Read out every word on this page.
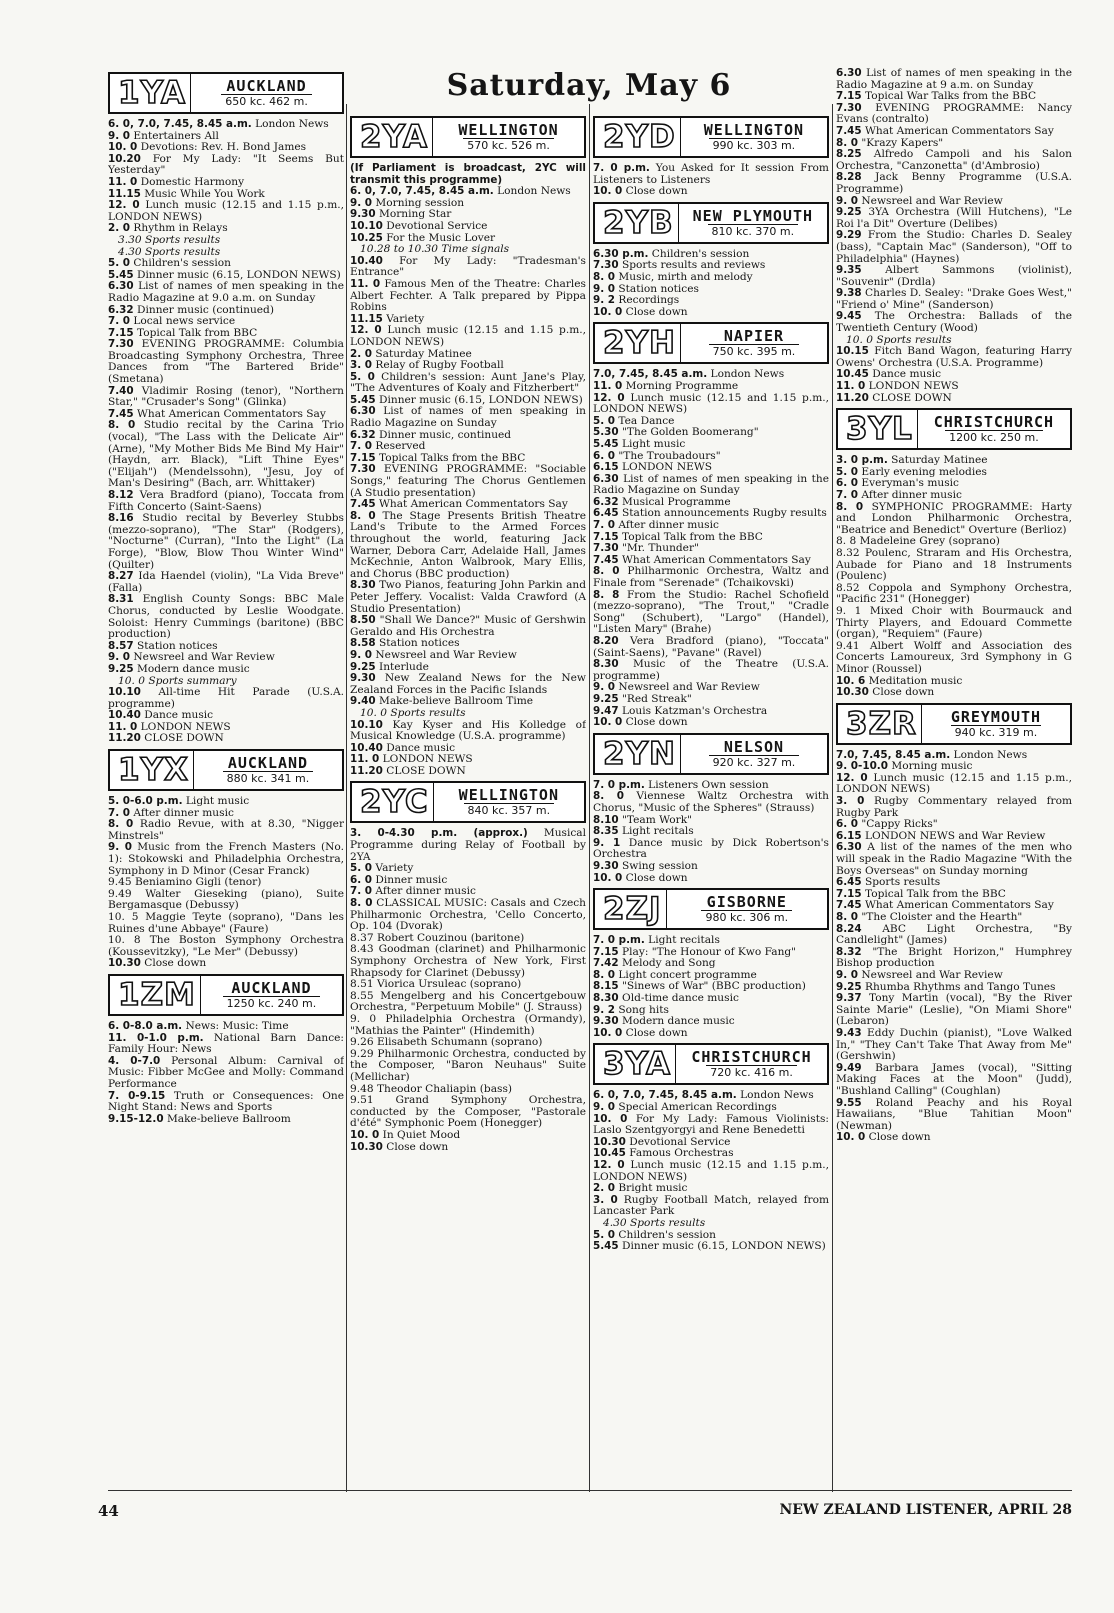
Saturday, May 6
1YA	AUCKLAND
650 kc. 462 m.
6. 0, 7.0, 7.45, 8.45 a.m. London News
9. 0 Entertainers All
10. 0 Devotions: Rev. H. Bond James
10.20 For My Lady: "It Seems But Yesterday"
11. 0 Domestic Harmony
11.15 Music While You Work
12. 0 Lunch music (12.15 and 1.15 p.m., LONDON NEWS)
2. 0 Rhythm in Relays
3.30 Sports results
4.30 Sports results
5. 0 Children's session
5.45 Dinner music (6.15, LONDON NEWS)
6.30 List of names of men speaking in the Radio Magazine at 9.0 a.m. on Sunday
6.32 Dinner music (continued)
7. 0 Local news service
7.15 Topical Talk from BBC
7.30 EVENING PROGRAMME: Columbia Broadcasting Symphony Orchestra, Three Dances from "The Bartered Bride" (Smetana)
7.40 Vladimir Rosing (tenor), "Northern Star," "Crusader's Song" (Glinka)
7.45 What American Commentators Say
8. 0 Studio recital by the Carina Trio (vocal), "The Lass with the Delicate Air" (Arne), "My Mother Bids Me Bind My Hair" (Haydn, arr. Black), "Lift Thine Eyes" ("Elijah") (Mendelssohn), "Jesu, Joy of Man's Desiring" (Bach, arr. Whittaker)
8.12 Vera Bradford (piano), Toccata from Fifth Concerto (Saint-Saens)
8.16 Studio recital by Beverley Stubbs (mezzo-soprano), "The Star" (Rodgers), "Nocturne" (Curran), "Into the Light" (La Forge), "Blow, Blow Thou Winter Wind" (Quilter)
8.27 Ida Haendel (violin), "La Vida Breve" (Falla)
8.31 English County Songs: BBC Male Chorus, conducted by Leslie Woodgate. Soloist: Henry Cummings (baritone) (BBC production)
8.57 Station notices
9. 0 Newsreel and War Review
9.25 Modern dance music
10. 0 Sports summary
10.10 All-time Hit Parade (U.S.A. programme)
10.40 Dance music
11. 0 LONDON NEWS
11.20 CLOSE DOWN
1YX	AUCKLAND
880 kc. 341 m.
5. 0-6.0 p.m. Light music
7. 0 After dinner music
8. 0 Radio Revue, with at 8.30, "Nigger Minstrels"
9. 0 Music from the French Masters (No. 1): Stokowski and Philadelphia Orchestra, Symphony in D Minor (Cesar Franck)
9.45 Beniamino Gigli (tenor)
9.49 Walter Gieseking (piano), Suite Bergamasque (Debussy)
10. 5 Maggie Teyte (soprano), "Dans les Ruines d'une Abbaye" (Faure)
10. 8 The Boston Symphony Orchestra (Koussevitzky), "Le Mer" (Debussy)
10.30 Close down
1ZM AUCKLAND
1250 kc. 240 m.
6. 0-8.0 a.m. News: Music: Time
11. 0-1.0 p.m. National Barn Dance: Family Hour: News
4. 0-7.0 Personal Album: Carnival of Music: Fibber McGee and Molly: Command Performance
7. 0-9.15 Truth or Consequences: One Night Stand: News and Sports
9.15-12.0 Make-believe Ballroom
2YA WELLINGTON
570 kc. 526 m.
(If Parliament is broadcast, 2YC will transmit this programme)
6. 0, 7.0, 7.45, 8.45 a.m. London News
9. 0 Morning session
9.30 Morning Star
10.10 Devotional Service
10.25 For the Music Lover
10.28 to 10.30 Time signals
10.40 For My Lady: "Tradesman's Entrance"
11. 0 Famous Men of the Theatre: Charles Albert Fechter. A Talk prepared by Pippa Robins
11.15 Variety
12. 0 Lunch music (12.15 and 1.15 p.m., LONDON NEWS)
2. 0 Saturday Matinee
3. 0 Relay of Rugby Football
5. 0 Children's session: Aunt Jane's Play, "The Adventures of Koaly and Fitzherbert"
5.45 Dinner music (6.15, LONDON NEWS)
6.30 List of names of men speaking in Radio Magazine on Sunday
6.32 Dinner music, continued
7. 0 Reserved
7.15 Topical Talks from the BBC
7.30 EVENING PROGRAMME: "Sociable Songs," featuring The Chorus Gentlemen (A Studio presentation)
7.45 What American Commentators Say
8. 0 The Stage Presents British Theatre Land's Tribute to the Armed Forces throughout the world, featuring Jack Warner, Debora Carr, Adelaide Hall, James McKechnie, Anton Walbrook, Mary Ellis, and Chorus (BBC production)
8.30 Two Pianos, featuring John Parkin and Peter Jeffery. Vocalist: Valda Crawford (A Studio Presentation)
8.50 "Shall We Dance?" Music of Gershwin Geraldo and His Orchestra
8.58 Station notices
9. 0 Newsreel and War Review
9.25 Interlude
9.30 New Zealand News for the New Zealand Forces in the Pacific Islands
9.40 Make-believe Ballroom Time
10. 0 Sports results
10.10 Kay Kyser and His Kolledge of Musical Knowledge (U.S.A. programme)
10.40 Dance music
11. 0 LONDON NEWS
11.20 CLOSE DOWN
2YC WELLINGTON
840 kc. 357 m.
3. 0-4.30 p.m. (approx.) Musical Programme during Relay of Football by 2YA
5. 0 Variety
6. 0 Dinner music
7. 0 After dinner music
8. 0 CLASSICAL MUSIC: Casals and Czech Philharmonic Orchestra, 'Cello Concerto, Op. 104 (Dvorak)
8.37 Robert Couzinou (baritone)
8.43 Goodman (clarinet) and Philharmonic Symphony Orchestra of New York, First Rhapsody for Clarinet (Debussy)
8.51 Viorica Ursuleac (soprano)
8.55 Mengelberg and his Concertgebouw Orchestra, "Perpetuum Mobile" (J. Strauss)
9. 0 Philadelphia Orchestra (Ormandy), "Mathias the Painter" (Hindemith)
9.26 Elisabeth Schumann (soprano)
9.29 Philharmonic Orchestra, conducted by the Composer, "Baron Neuhaus" Suite (Mellichar)
9.48 Theodor Chaliapin (bass)
9.51 Grand Symphony Orchestra, conducted by the Composer, "Pastorale d'été" Symphonic Poem (Honegger)
10. 0 In Quiet Mood
10.30 Close down
2YD WELLINGTON
990 kc. 303 m.
7. 0 p.m. You Asked for It session From Listeners to Listeners
10. 0 Close down
2YB NEW PLYMOUTH
810 kc. 370 m.
6.30 p.m. Children's session
7.30 Sports results and reviews
8. 0 Music, mirth and melody
9. 0 Station notices
9. 2 Recordings
10. 0 Close down
2YH	NAPIER
750 kc. 395 m.
7.0, 7.45, 8.45 a.m. London News
11. 0 Morning Programme
12. 0 Lunch music (12.15 and 1.15 p.m., LONDON NEWS)
5. 0 Tea Dance
5.30 "The Golden Boomerang"
5.45 Light music
6. 0 "The Troubadours"
6.15 LONDON NEWS
6.30 List of names of men speaking in the Radio Magazine on Sunday
6.32 Musical Programme
6.45 Station announcements Rugby results
7. 0 After dinner music
7.15 Topical Talk from the BBC
7.30 "Mr. Thunder"
7.45 What American Commentators Say
8. 0 Philharmonic Orchestra, Waltz and Finale from "Serenade" (Tchaikovski)
8. 8 From the Studio: Rachel Schofield (mezzo-soprano), "The Trout," "Cradle Song" (Schubert), "Largo" (Handel), "Listen Mary" (Brahe)
8.20 Vera Bradford (piano), "Toccata" (Saint-Saens), "Pavane" (Ravel)
8.30 Music of the Theatre (U.S.A. programme)
9. 0 Newsreel and War Review
9.25 "Red Streak"
9.47 Louis Katzman's Orchestra
10. 0 Close down
2YN	NELSON
920 kc. 327 m.
7. 0 p.m. Listeners Own session
8. 0 Viennese Waltz Orchestra with Chorus, "Music of the Spheres" (Strauss)
8.10 "Team Work"
8.35 Light recitals
9. 1 Dance music by Dick Robertson's Orchestra
9.30 Swing session
10. 0 Close down
2ZJ	GISBORNE
980 kc. 306 m.
7. 0 p.m. Light recitals
7.15 Play: "The Honour of Kwo Fang"
7.42 Melody and Song
8. 0 Light concert programme
8.15 "Sinews of War" (BBC production)
8.30 Old-time dance music
9. 2 Song hits
9.30 Modern dance music
10. 0 Close down
3YA CHRISTCHURCH
720 kc. 416 m.
6. 0, 7.0, 7.45, 8.45 a.m. London News
9. 0 Special American Recordings
10. 0 For My Lady: Famous Violinists: Laslo Szentgyorgyi and Rene Benedetti
10.30 Devotional Service
10.45 Famous Orchestras
12. 0 Lunch music (12.15 and 1.15 p.m., LONDON NEWS)
2. 0 Bright music
3. 0 Rugby Football Match, relayed from Lancaster Park
4.30 Sports results
5. 0 Children's session
5.45 Dinner music (6.15, LONDON NEWS)
6.30 List of names of men speaking in the Radio Magazine at 9 a.m. on Sunday
7.15 Topical War Talks from the BBC
7.30 EVENING PROGRAMME: Nancy Evans (contralto)
7.45 What American Commentators Say
8. 0 "Krazy Kapers"
8.25 Alfredo Campoli and his Salon Orchestra, "Canzonetta" (d'Ambrosio)
8.28 Jack Benny Programme (U.S.A. Programme)
9. 0 Newsreel and War Review
9.25 3YA Orchestra (Will Hutchens), "Le Roi l'a Dit" Overture (Delibes)
9.29 From the Studio: Charles D. Sealey (bass), "Captain Mac" (Sanderson), "Off to Philadelphia" (Haynes)
9.35 Albert Sammons (violinist), "Souvenir" (Drdla)
9.38 Charles D. Sealey: "Drake Goes West," "Friend o' Mine" (Sanderson)
9.45 The Orchestra: Ballads of the Twentieth Century (Wood)
10. 0 Sports results
10.15 Fitch Band Wagon, featuring Harry Owens' Orchestra (U.S.A. Programme)
10.45 Dance music
11. 0 LONDON NEWS
11.20 CLOSE DOWN
3YL CHRISTCHURCH
1200 kc. 250 m.
3. 0 p.m. Saturday Matinee
5. 0 Early evening melodies
6. 0 Everyman's music
7. 0 After dinner music
8. 0 SYMPHONIC PROGRAMME: Harty and London Philharmonic Orchestra, "Beatrice and Benedict" Overture (Berlioz)
8. 8 Madeleine Grey (soprano)
8.32 Poulenc, Straram and His Orchestra, Aubade for Piano and 18 Instruments (Poulenc)
8.52 Coppola and Symphony Orchestra, "Pacific 231" (Honegger)
9. 1 Mixed Choir with Bourmauck and Thirty Players, and Edouard Commette (organ), "Requiem" (Faure)
9.41 Albert Wolff and Association des Concerts Lamoureux, 3rd Symphony in G Minor (Roussel)
10. 6 Meditation music
10.30 Close down
3ZR GREYMOUTH
940 kc. 319 m.
7.0, 7.45, 8.45 a.m. London News
9. 0-10.0 Morning music
12. 0 Lunch music (12.15 and 1.15 p.m., LONDON NEWS)
3. 0 Rugby Commentary relayed from Rugby Park
6. 0 "Cappy Ricks"
6.15 LONDON NEWS and War Review
6.30 A list of the names of the men who will speak in the Radio Magazine "With the Boys Overseas" on Sunday morning
6.45 Sports results
7.15 Topical Talk from the BBC
7.45 What American Commentators Say
8. 0 "The Cloister and the Hearth"
8.24 ABC Light Orchestra, "By Candlelight" (James)
8.32 "The Bright Horizon," Humphrey Bishop production
9. 0 Newsreel and War Review
9.25 Rhumba Rhythms and Tango Tunes
9.37 Tony Martin (vocal), "By the River Sainte Marie" (Leslie), "On Miami Shore" (Lebaron)
9.43 Eddy Duchin (pianist), "Love Walked In," "They Can't Take That Away from Me" (Gershwin)
9.49 Barbara James (vocal), "Sitting Making Faces at the Moon" (Judd), "Bushland Calling" (Coughlan)
9.55 Roland Peachy and his Royal Hawaiians, "Blue Tahitian Moon" (Newman)
10. 0 Close down
44	NEW ZEALAND LISTENER, APRIL 28
